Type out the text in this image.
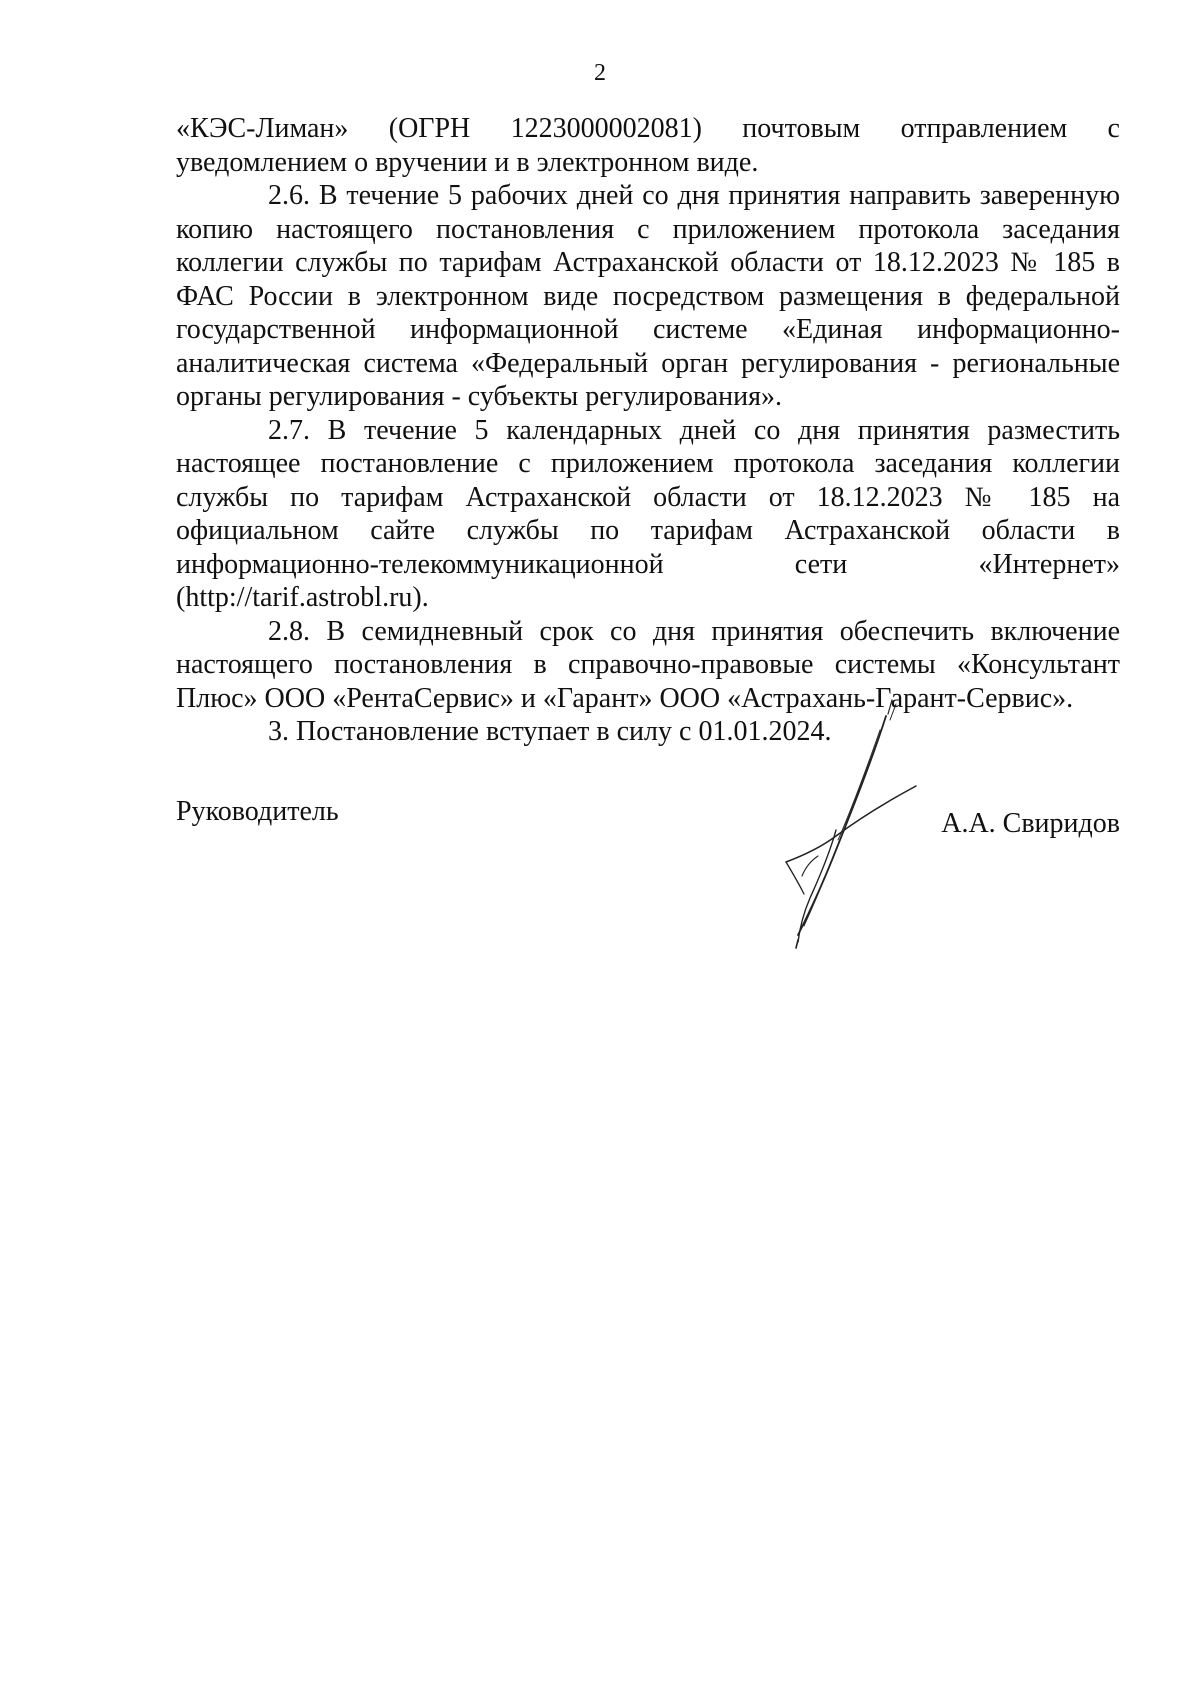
2

«КЭС-Лиман» (ОГРН 1223000002081) почтовым отправлением с уведомлением о вручении и в электронном виде.

2.6. В течение 5 рабочих дней со дня принятия направить заверенную копию настоящего постановления с приложением протокола заседания коллегии службы по тарифам Астраханской области от 18.12.2023 № 185 в ФАС России в электронном виде посредством размещения в федеральной государственной информационной системе «Единая информационно-аналитическая система «Федеральный орган регулирования - региональные органы регулирования - субъекты регулирования».

2.7. В течение 5 календарных дней со дня принятия разместить настоящее постановление с приложением протокола заседания коллегии службы по тарифам Астраханской области от 18.12.2023 № 185 на официальном сайте службы по тарифам Астраханской области в информационно-телекоммуникационной сети «Интернет» (http://tarif.astrobl.ru).

2.8. В семидневный срок со дня принятия обеспечить включение настоящего постановления в справочно-правовые системы «Консультант Плюс» ООО «РентаСервис» и «Гарант» ООО «Астрахань-Гарант-Сервис».

3. Постановление вступает в силу с 01.01.2024.

Руководитель	А.А. Свиридов
